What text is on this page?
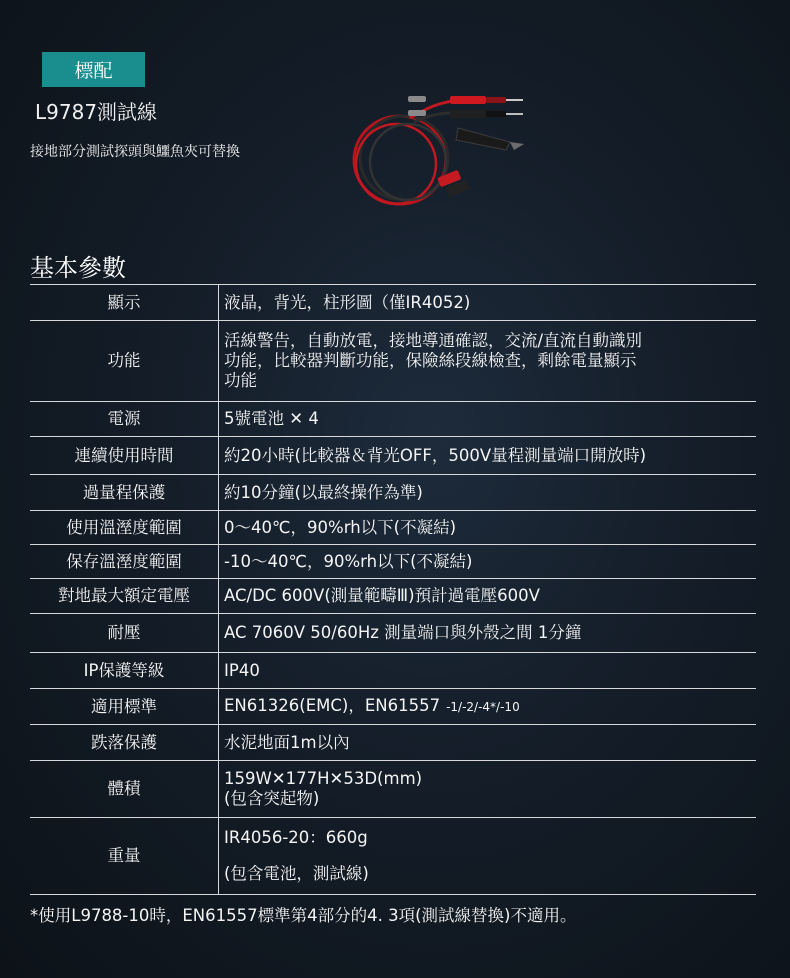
標配
L9787測試線
接地部分測試探頭與鱷魚夾可替換
基本參數
顯示	液晶，背光，柱形圖（僅IR4052)
功能	活線警告，自動放電，接地導通確認，交流/直流自動識別
功能，比較器判斷功能，保險絲段線檢查，剩餘電量顯示
功能

電源	5號電池 ✕ 4
連續使用時間	約20小時(比較器＆背光OFF，500V量程測量端口開放時)
過量程保護	約10分鐘(以最終操作為準)
使用溫溼度範圍	0～40℃，90%rh以下(不凝結)
保存溫溼度範圍	-10～40℃，90%rh以下(不凝結)
對地最大額定電壓	AC/DC 600V(測量範疇Ⅲ)預計過電壓600V
耐壓	AC 7060V 50/60Hz 測量端口與外殼之間 1分鐘
IP保護等級	IP40
適用標準	EN61326(EMC)，EN61557 -1/-2/-4*/-10
跌落保護	水泥地面1m以內
體積	159W✕177H✕53D(mm)
(包含突起物)

重量	IR4056-20：660g
(包含電池，測試線)
*使用L9788-10時，EN61557標準第4部分的4. 3項(測試線替換)不適用。
